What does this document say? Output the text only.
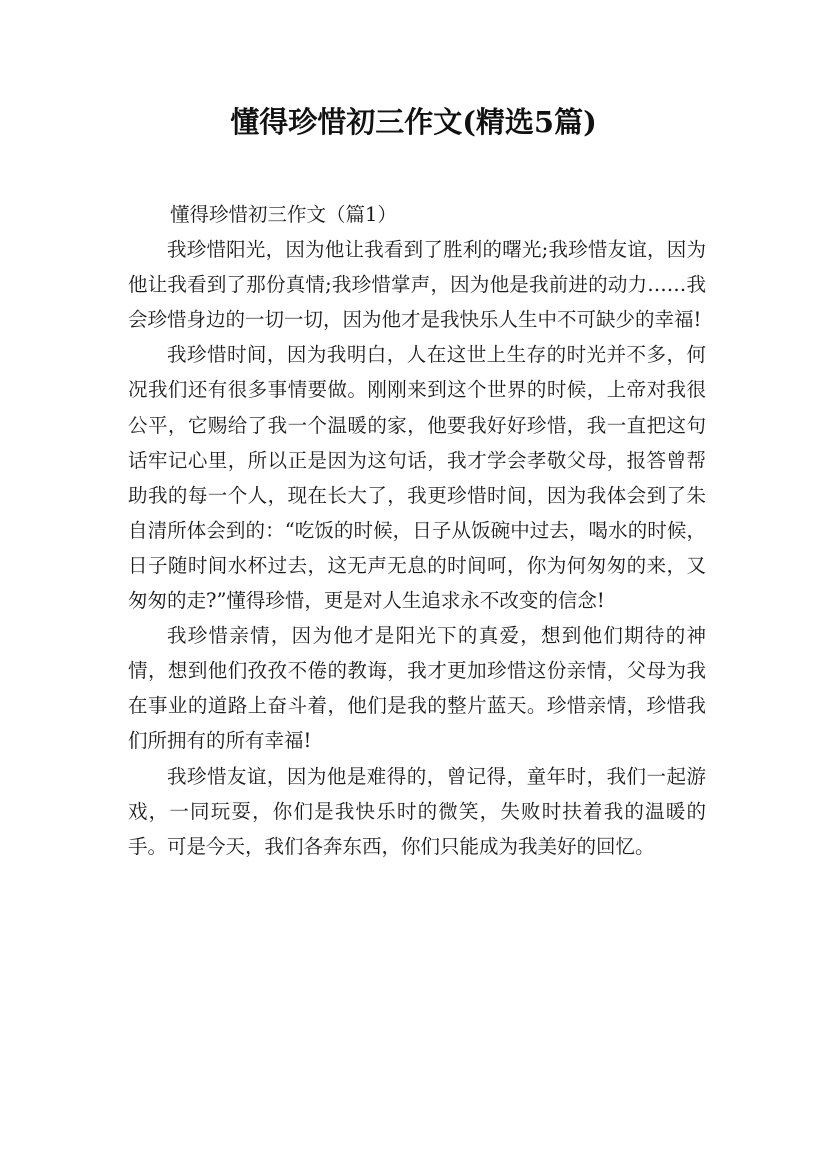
懂得珍惜初三作文(精选5篇)

懂得珍惜初三作文（篇1）

我珍惜阳光，因为他让我看到了胜利的曙光;我珍惜友谊，因为他让我看到了那份真情;我珍惜掌声，因为他是我前进的动力……我会珍惜身边的一切一切，因为他才是我快乐人生中不可缺少的幸福!

我珍惜时间，因为我明白，人在这世上生存的时光并不多，何况我们还有很多事情要做。刚刚来到这个世界的时候，上帝对我很公平，它赐给了我一个温暖的家，他要我好好珍惜，我一直把这句话牢记心里，所以正是因为这句话，我才学会孝敬父母，报答曾帮助我的每一个人，现在长大了，我更珍惜时间，因为我体会到了朱自清所体会到的：“吃饭的时候，日子从饭碗中过去，喝水的时候，日子随时间水杯过去，这无声无息的时间呵，你为何匆匆的来，又匆匆的走?”懂得珍惜，更是对人生追求永不改变的信念!

我珍惜亲情，因为他才是阳光下的真爱，想到他们期待的神情，想到他们孜孜不倦的教诲，我才更加珍惜这份亲情，父母为我在事业的道路上奋斗着，他们是我的整片蓝天。珍惜亲情，珍惜我们所拥有的所有幸福!

我珍惜友谊，因为他是难得的，曾记得，童年时，我们一起游戏，一同玩耍，你们是我快乐时的微笑，失败时扶着我的温暖的手。可是今天，我们各奔东西，你们只能成为我美好的回忆。
